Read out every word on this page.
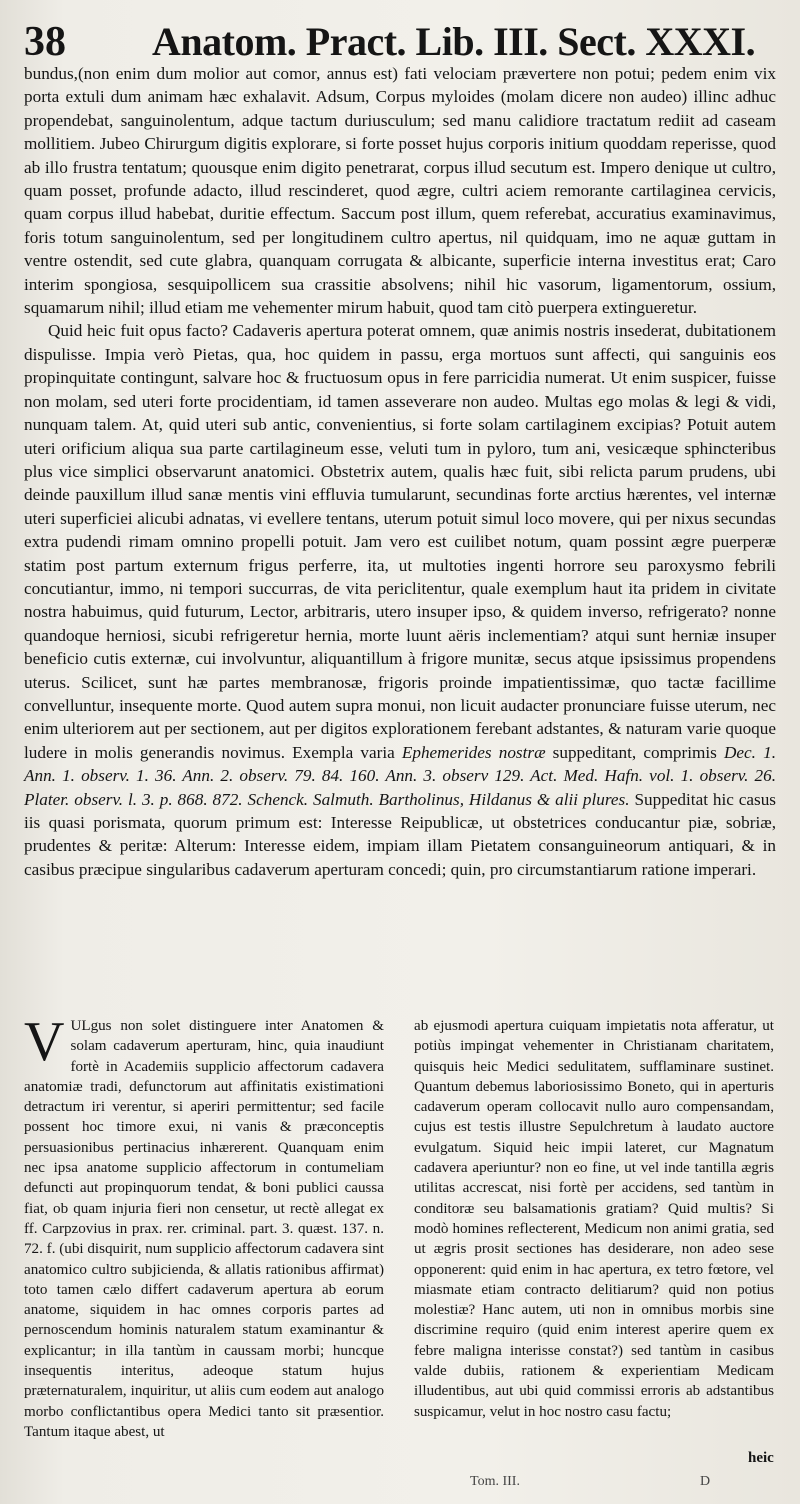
38 Anatom. Pract. Lib. III. Sect. XXXI.

bundus,(non enim dum molior aut comor, annus est) fati velociam prævertere non potui; pedem enim vix porta extuli dum animam hæc exhalavit. Adsum, Corpus myloides (molam dicere non audeo) illinc adhuc propendebat, sanguinolentum, adque tactum duriusculum; sed manu calidiore tractatum rediit ad caseam mollitiem. Jubeo Chirurgum digitis explorare, si forte posset hujus corporis initium quoddam reperisse, quod ab illo frustra tentatum; quousque enim digito penetrarat, corpus illud secutum est. Impero denique ut cultro, quam posset, profunde adacto, illud rescinderet, quod ægre, cultri aciem remorante cartilaginea cervicis, quam corpus illud habebat, duritie effectum. Saccum post illum, quem referebat, accuratius examinavimus, foris totum sanguinolentum, sed per longitudinem cultro apertus, nil quidquam, imo ne aquæ guttam in ventre ostendit, sed cute glabra, quanquam corrugata & albicante, superficie interna investitus erat; Caro interim spongiosa, sesquipollicem sua crassitie absolvens; nihil hic vasorum, ligamentorum, ossium, squamarum nihil; illud etiam me vehementer mirum habuit, quod tam citò puerpera extingueretur.

Quid heic fuit opus facto? Cadaveris apertura poterat omnem, quæ animis nostris insederat, dubitationem dispulisse. Impia verò Pietas, qua, hoc quidem in passu, erga mortuos sunt affecti, qui sanguinis eos propinquitate contingunt, salvare hoc & fructuosum opus in fere parricidia numerat. Ut enim suspicer, fuisse non molam, sed uteri forte procidentiam, id tamen asseverare non audeo. Multas ego molas & legi & vidi, nunquam talem. At, quid uteri sub antic, convenientius, si forte solam cartilaginem excipias? Potuit autem uteri orificium aliqua sua parte cartilagineum esse, veluti tum in pyloro, tum ani, vesicæque sphincteribus plus vice simplici observarunt anatomici. Obstetrix autem, qualis hæc fuit, sibi relicta parum prudens, ubi deinde pauxillum illud sanæ mentis vini effluvia tumularunt, secundinas forte arctius hærentes, vel internæ uteri superficiei alicubi adnatas, vi evellere tentans, uterum potuit simul loco movere, qui per nixus secundas extra pudendi rimam omnino propelli potuit. Jam vero est cuilibet notum, quam possint ægre puerperæ statim post partum externum frigus perferre, ita, ut multoties ingenti horrore seu paroxysmo febrili concutiantur, immo, ni tempori succurras, de vita periclitentur, quale exemplum haut ita pridem in civitate nostra habuimus, quid futurum, Lector, arbitraris, utero insuper ipso, & quidem inverso, refrigerato? nonne quandoque herniosi, sicubi refrigeretur hernia, morte luunt aëris inclementiam? atqui sunt herniæ insuper beneficio cutis externæ, cui involvuntur, aliquantillum à frigore munitæ, secus atque ipsissimus propendens uterus. Scilicet, sunt hæ partes membranosæ, frigoris proinde impatientissimæ, quo tactæ facillime convelluntur, insequente morte. Quod autem supra monui, non licuit audacter pronunciare fuisse uterum, nec enim ulteriorem aut per sectionem, aut per digitos explorationem ferebant adstantes, & naturam varie quoque ludere in molis generandis novimus. Exempla varia Ephemerides nostræ suppeditant, comprimis Dec. 1. Ann. 1. observ. 1. 36. Ann. 2. observ. 79. 84. 160. Ann. 3. observ 129. Act. Med. Hafn. vol. 1. observ. 26. Plater. observ. l. 3. p. 868. 872. Schenck. Salmuth. Bartholinus, Hildanus & alii plures. Suppeditat hic casus iis quasi porismata, quorum primum est: Interesse Reipublicæ, ut obstetrices conducantur piæ, sobriæ, prudentes & peritæ: Alterum: Interesse eidem, impiam illam Pietatem consanguineorum antiquari, & in casibus præcipue singularibus cadaverum aperturam concedi; quin, pro circumstantiarum ratione imperari.

V ULgus non solet distinguere inter Anatomen & solam cadaverum aperturam, hinc, quia inaudiunt fortè in Academiis supplicio affectorum cadavera anatomiæ tradi, defunctorum aut affinitatis existimationi detractum iri verentur, si aperiri permittentur; sed facile possent hoc timore exui, ni vanis & præconceptis persuasionibus pertinacius inhærerent. Quanquam enim nec ipsa anatome supplicio affectorum in contumeliam defuncti aut propinquorum tendat, & boni publici caussa fiat, ob quam injuria fieri non censetur, ut rectè allegat ex ff. Carpzovius in prax. rer. criminal. part. 3. quæst. 137. n. 72. f. (ubi disquirit, num supplicio affectorum cadavera sint anatomico cultro subjicienda, & allatis rationibus affirmat) toto tamen cælo differt cadaverum apertura ab eorum anatome, siquidem in hac omnes corporis partes ad pernoscendum hominis naturalem statum examinantur & explicantur; in illa tantùm in caussam morbi; huncque insequentis interitus, adeoque statum hujus præternaturalem, inquiritur, ut aliis cum eodem aut analogo morbo conflictantibus opera Medici tanto sit præsentior. Tantum itaque abest, ut
ab ejusmodi apertura cuiquam impietatis nota afferatur, ut potiùs impingat vehementer in Christianam charitatem, quisquis heic Medici sedulitatem, sufflaminare sustinet. Quantum debemus laboriosissimo Boneto, qui in aperturis cadaverum operam collocavit nullo auro compensandam, cujus est testis illustre Sepulchretum à laudato auctore evulgatum. Siquid heic impii lateret, cur Magnatum cadavera aperiuntur? non eo fine, ut vel inde tantilla ægris utilitas accrescat, nisi fortè per accidens, sed tantùm in conditoræ seu balsamationis gratiam? Quid multis? Si modò homines reflecterent, Medicum non animi gratia, sed ut ægris prosit sectiones has desiderare, non adeo sese opponerent: quid enim in hac apertura, ex tetro fœtore, vel miasmate etiam contracto delitiarum? quid non potius molestiæ? Hanc autem, uti non in omnibus morbis sine discrimine requiro (quid enim interest aperire quem ex febre maligna interisse constat?) sed tantùm in casibus valde dubiis, rationem & experientiam Medicam illudentibus, aut ubi quid commissi erroris ab adstantibus suspicamur, velut in hoc nostro casu factu;
heic
Tom. III.	D
